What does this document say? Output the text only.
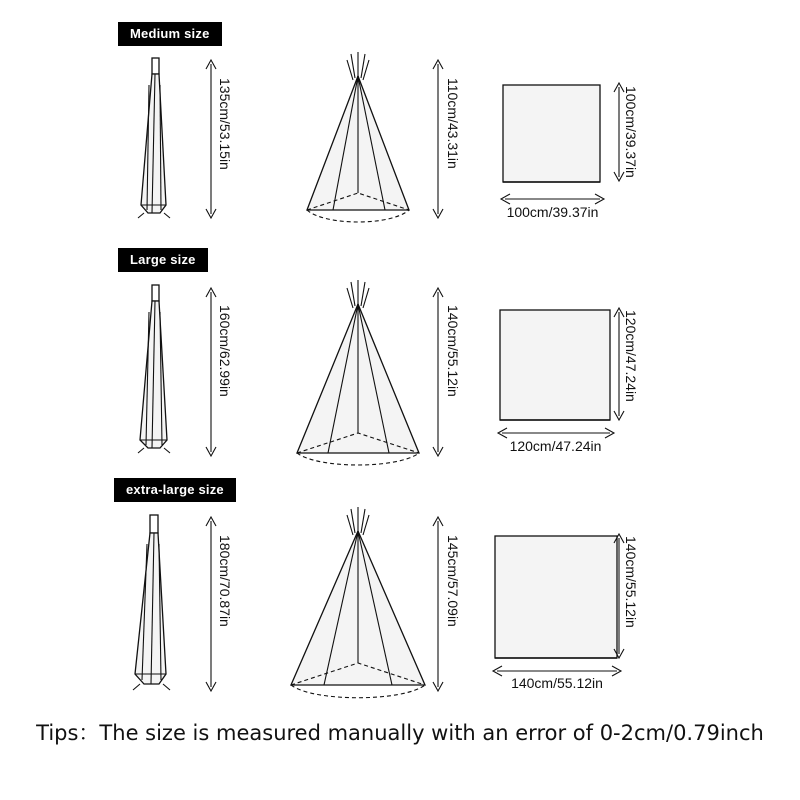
Medium size
135cm/53.15in	110cm/43.31in	100cm/39.37in
100cm/39.37in
Large size
160cm/62.99in	140cm/55.12in	120cm/47.24in
120cm/47.24in
extra-large size
180cm/70.87in	145cm/57.09in	140cm/55.12in
140cm/55.12in
Tips：The size is measured manually with an error of 0-2cm/0.79inch
